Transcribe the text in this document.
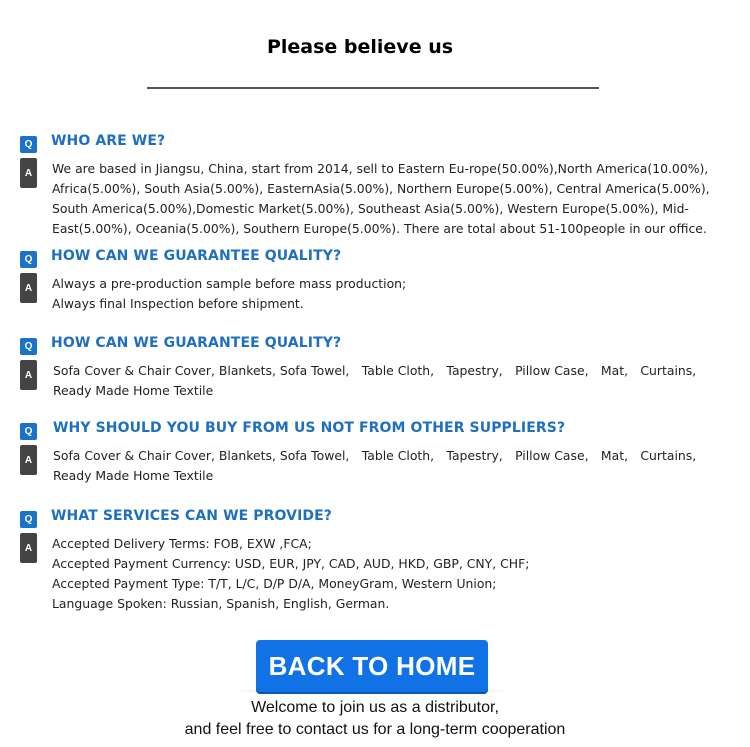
Please believe us
Q
A
WHO ARE WE?
We are based in Jiangsu, China, start from 2014, sell to Eastern Eu-rope(50.00%),North America(10.00%),
Africa(5.00%), South Asia(5.00%), EasternAsia(5.00%), Northern Europe(5.00%), Central America(5.00%),
South America(5.00%),Domestic Market(5.00%), Southeast Asia(5.00%), Western Europe(5.00%), Mid-
East(5.00%), Oceania(5.00%), Southern Europe(5.00%). There are total about 51-100people in our office.
Q
A
HOW CAN WE GUARANTEE QUALITY?
Always a pre-production sample before mass production;
Always final Inspection before shipment.
Q
A
HOW CAN WE GUARANTEE QUALITY?
Sofa Cover & Chair Cover, Blankets, Sofa Towel,　Table Cloth,　Tapestry,　Pillow Case,　Mat,　Curtains,
Ready Made Home Textile
Q
A
WHY SHOULD YOU BUY FROM US NOT FROM OTHER SUPPLIERS?
Sofa Cover & Chair Cover, Blankets, Sofa Towel,　Table Cloth,　Tapestry,　Pillow Case,　Mat,　Curtains,
Ready Made Home Textile
Q
A
WHAT SERVICES CAN WE PROVIDE?
Accepted Delivery Terms: FOB, EXW ,FCA;
Accepted Payment Currency: USD, EUR, JPY, CAD, AUD, HKD, GBP, CNY, CHF;
Accepted Payment Type: T/T, L/C, D/P D/A, MoneyGram, Western Union;
Language Spoken: Russian, Spanish, English, German.
BACK TO HOME
Welcome to join us as a distributor,
and feel free to contact us for a long-term cooperation
